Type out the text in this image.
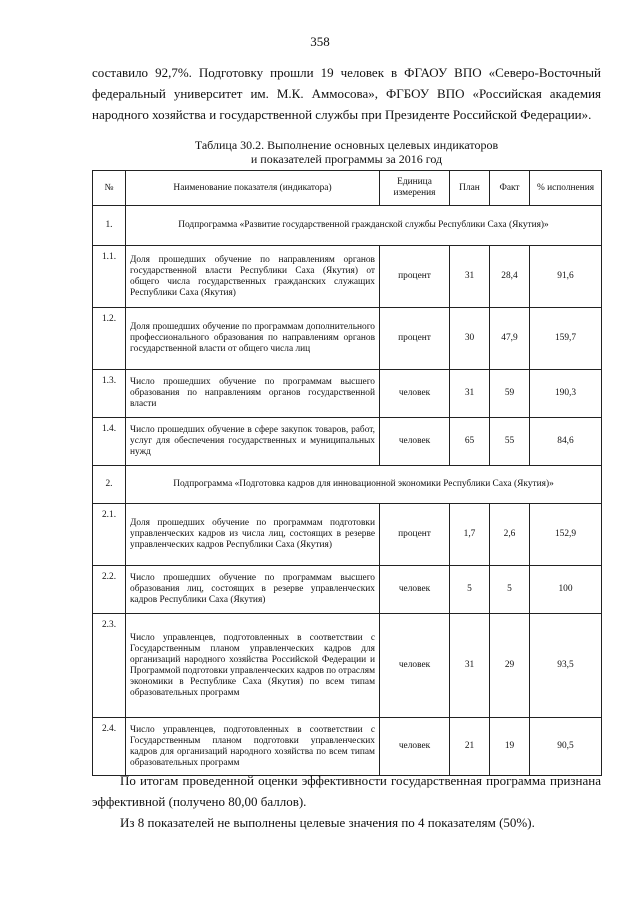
358
составило 92,7%. Подготовку прошли 19 человек в ФГАОУ ВПО «Северо-Восточный федеральный университет им. М.К. Аммосова», ФГБОУ ВПО «Российская академия народного хозяйства и государственной службы при Президенте Российской Федерации».
Таблица 30.2. Выполнение основных целевых индикаторов
и показателей программы за 2016 год
№	Наименование показателя (индикатора)	Единица измерения	План	Факт	% исполнения
1.	Подпрограмма «Развитие государственной гражданской службы Республики Саха (Якутия)»				
1.1.	Доля прошедших обучение по направлениям органов государственной власти Республики Саха (Якутия) от общего числа государственных гражданских служащих Республики Саха (Якутия)	процент	31	28,4	91,6
1.2.	Доля прошедших обучение по программам дополнительного профессионального образования по направлениям органов государственной власти от общего числа лиц	процент	30	47,9	159,7
1.3.	Число прошедших обучение по программам высшего образования по направлениям органов государственной власти	человек	31	59	190,3
1.4.	Число прошедших обучение в сфере закупок товаров, работ, услуг для обеспечения государственных и муниципальных нужд	человек	65	55	84,6
2.	Подпрограмма «Подготовка кадров для инновационной экономики Республики Саха (Якутия)»				
2.1.	Доля прошедших обучение по программам подготовки управленческих кадров из числа лиц, состоящих в резерве управленческих кадров Республики Саха (Якутия)	процент	1,7	2,6	152,9
2.2.	Число прошедших обучение по программам высшего образования лиц, состоящих в резерве управленческих кадров Республики Саха (Якутия)	человек	5	5	100
2.3.	Число управленцев, подготовленных в соответствии с Государственным планом управленческих кадров для организаций народного хозяйства Российской Федерации и Программой подготовки управленческих кадров по отраслям экономики в Республике Саха (Якутия) по всем типам образовательных программ	человек	31	29	93,5
2.4.	Число управленцев, подготовленных в соответствии с Государственным планом подготовки управленческих кадров для организаций народного хозяйства по всем типам образовательных программ	человек	21	19	90,5
По итогам проведенной оценки эффективности государственная программа признана эффективной (получено 80,00 баллов).
Из 8 показателей не выполнены целевые значения по 4 показателям (50%).
